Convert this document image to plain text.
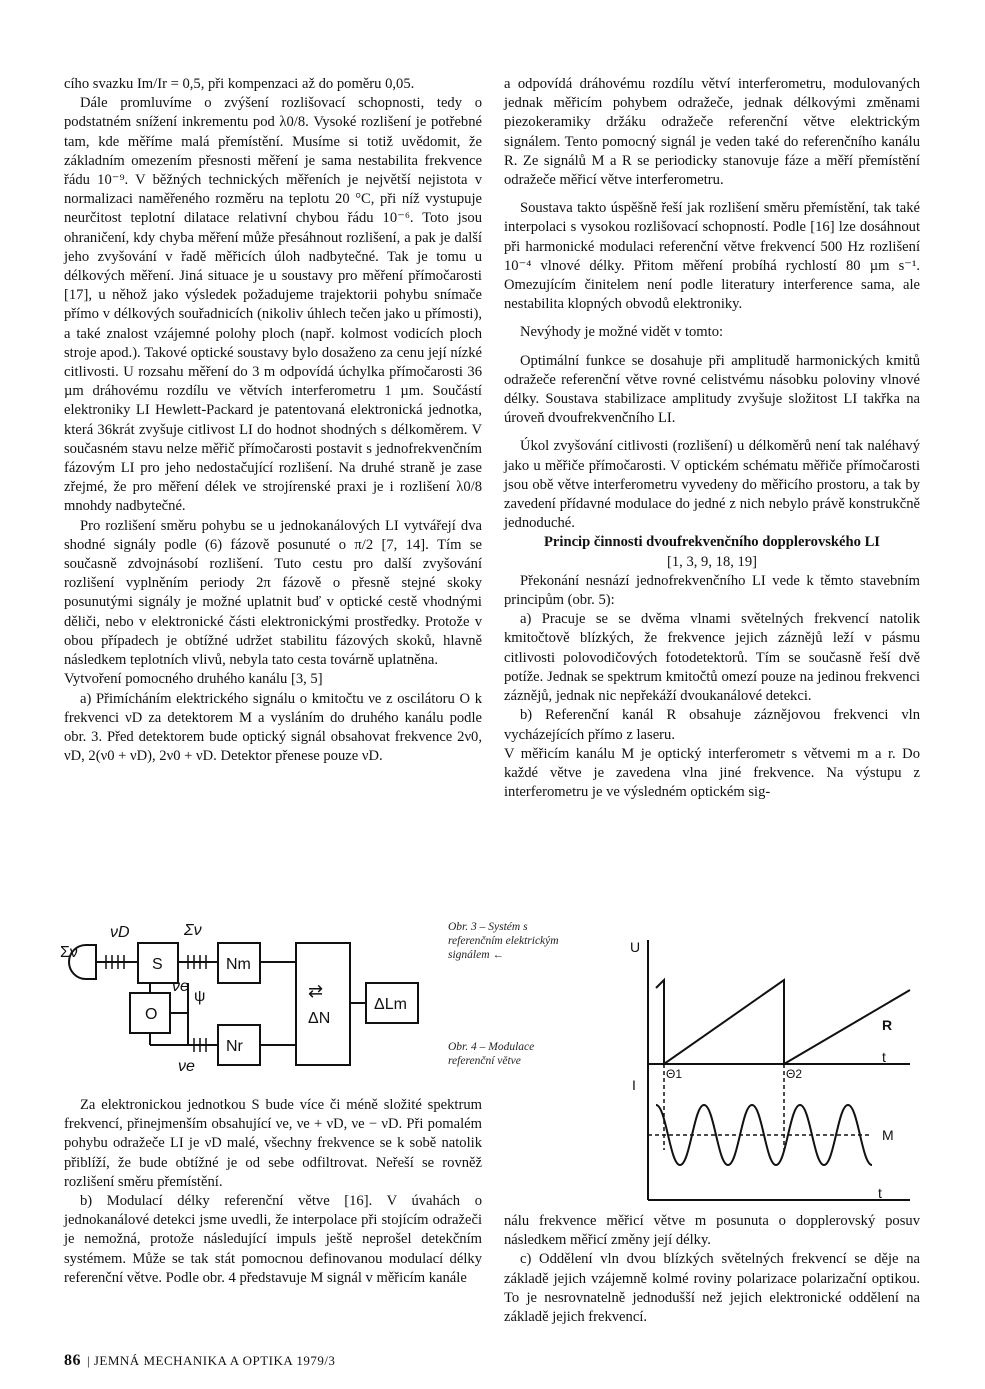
cího svazku Im/Ir = 0,5, při kompenzaci až do poměru 0,05.

Dále promluvíme o zvýšení rozlišovací schopnosti, tedy o podstatném snížení inkrementu pod λ0/8. Vysoké rozlišení je potřebné tam, kde měříme malá přemístění. Musíme si totiž uvědomit, že základním omezením přesnosti měření je sama nestabilita frekvence řádu 10⁻⁹. V běžných technických měřeních je největší nejistota v normalizaci naměřeného rozměru na teplotu 20 °C, při níž vystupuje neurčitost teplotní dilatace relativní chybou řádu 10⁻⁶. Toto jsou ohraničení, kdy chyba měření může přesáhnout rozlišení, a pak je další jeho zvyšování v řadě měřicích úloh nadbytečné. Tak je tomu u délkových měření. Jiná situace je u soustavy pro měření přímočarosti [17], u něhož jako výsledek požadujeme trajektorii pohybu snímače přímo v délkových souřadnicích (nikoliv úhlech tečen jako u přímosti), a také znalost vzájemné polohy ploch (např. kolmost vodicích ploch stroje apod.). Takové optické soustavy bylo dosaženo za cenu její nízké citlivosti. U rozsahu měření do 3 m odpovídá úchylka přímočarosti 36 µm dráhovému rozdílu ve větvích interferometru 1 µm. Součástí elektroniky LI Hewlett-Packard je patentovaná elektronická jednotka, která 36krát zvyšuje citlivost LI do hodnot shodných s délkoměrem. V současném stavu nelze měřič přímočarosti postavit s jednofrekvenčním fázovým LI pro jeho nedostačující rozlišení. Na druhé straně je zase zřejmé, že pro měření délek ve strojírenské praxi je i rozlišení λ0/8 mnohdy nadbytečné.

Pro rozlišení směru pohybu se u jednokanálových LI vytvářejí dva shodné signály podle (6) fázově posunuté o π/2 [7, 14]. Tím se současně zdvojnásobí rozlišení. Tuto cestu pro další zvyšování rozlišení vyplněním periody 2π fázově o přesně stejné skoky posunutými signály je možné uplatnit buď v optické cestě vhodnými děliči, nebo v elektronické části elektronickými prostředky. Protože v obou případech je obtížné udržet stabilitu fázových skoků, hlavně následkem teplotních vlivů, nebyla tato cesta továrně uplatněna.

Vytvoření pomocného druhého kanálu [3, 5]

a) Přimícháním elektrického signálu o kmitočtu νe z oscilátoru O k frekvenci νD za detektorem M a vysláním do druhého kanálu podle obr. 3. Před detektorem bude optický signál obsahovat frekvence 2ν0, νD, 2(ν0 + νD), 2ν0 + νD. Detektor přenese pouze νD.

a odpovídá dráhovému rozdílu větví interferometru, modulovaných jednak měřicím pohybem odražeče, jednak délkovými změnami piezokeramiky držáku odražeče referenční větve elektrickým signálem. Tento pomocný signál je veden také do referenčního kanálu R. Ze signálů M a R se periodicky stanovuje fáze a měří přemístění odražeče měřicí větve interferometru.

Soustava takto úspěšně řeší jak rozlišení směru přemístění, tak také interpolaci s vysokou rozlišovací schopností. Podle [16] lze dosáhnout při harmonické modulaci referenční větve frekvencí 500 Hz rozlišení 10⁻⁴ vlnové délky. Přitom měření probíhá rychlostí 80 µm s⁻¹. Omezujícím činitelem není podle literatury interference sama, ale nestabilita klopných obvodů elektroniky.

Nevýhody je možné vidět v tomto:

Optimální funkce se dosahuje při amplitudě harmonických kmitů odražeče referenční větve rovné celistvému násobku poloviny vlnové délky. Soustava stabilizace amplitudy zvyšuje složitost LI takřka na úroveň dvoufrekvenčního LI.

Úkol zvyšování citlivosti (rozlišení) u délkoměrů není tak naléhavý jako u měřiče přímočarosti. V optickém schématu měřiče přímočarosti jsou obě větve interferometru vyvedeny do měřicího prostoru, a tak by zavedení přídavné modulace do jedné z nich nebylo právě konstrukčně jednoduché.

Princip činnosti dvoufrekvenčního dopplerovského LI

[1, 3, 9, 18, 19]

Překonání nesnází jednofrekvenčního LI vede k těmto stavebním principům (obr. 5):

a) Pracuje se se dvěma vlnami světelných frekvencí natolik kmitočtově blízkých, že frekvence jejich záznějů leží v pásmu citlivosti polovodičových fotodetektorů. Tím se současně řeší dvě potíže. Jednak se spektrum kmitočtů omezí pouze na jedinou frekvenci záznějů, jednak nic nepřekáží dvoukanálové detekci.

b) Referenční kanál R obsahuje záznějovou frekvenci vln vycházejících přímo z laseru.

V měřicím kanálu M je optický interferometr s větvemi m a r. Do každé větve je zavedena vlna jiné frekvence. Na výstupu z interferometru je ve výsledném optickém sig-

Σν
νD	Σν
S
O
νe
ψ
νe
Nm
Nr
⇄
ΔN
ΔLm
Obr. 3 – Systém s referenčním elektrickým signálem ←
Obr. 4 – Modulace referenční větve
U
R
t
I
Θ1	Θ2
M
t

Za elektronickou jednotkou S bude více či méně složité spektrum frekvencí, přinejmenším obsahující νe, νe + νD, νe − νD. Při pomalém pohybu odražeče LI je νD malé, všechny frekvence se k sobě natolik přiblíží, že bude obtížné je od sebe odfiltrovat. Neřeší se rovněž rozlišení směru přemístění.

b) Modulací délky referenční větve [16]. V úvahách o jednokanálové detekci jsme uvedli, že interpolace při stojícím odražeči je nemožná, protože následující impuls ještě neprošel detekčním systémem. Může se tak stát pomocnou definovanou modulací délky referenční větve. Podle obr. 4 představuje M signál v měřicím kanále

nálu frekvence měřicí větve m posunuta o dopplerovský posuv následkem měřicí změny její délky.

c) Oddělení vln dvou blízkých světelných frekvencí se děje na základě jejich vzájemně kolmé roviny polarizace polarizační optikou. To je nesrovnatelně jednodušší než jejich elektronické oddělení na základě jejich frekvencí.

86 | JEMNÁ MECHANIKA A OPTIKA 1979/3
